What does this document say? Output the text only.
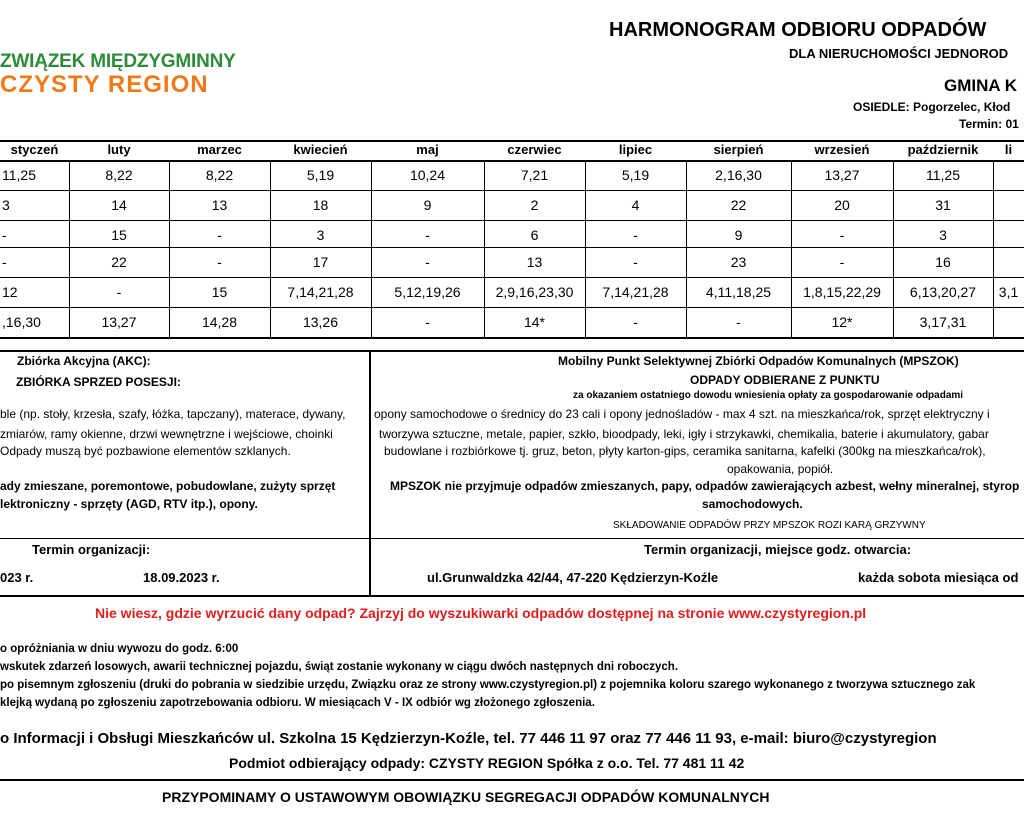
ZWIĄZEK MIĘDZYGMINNY
CZYSTY REGION
HARMONOGRAM ODBIORU ODPADÓW
DLA NIERUCHOMOŚCI JEDNOROD
GMINA K
OSIEDLE: Pogorzelec, Kłod
Termin: 01
styczeń	luty	marzec	kwiecień	maj	czerwiec	lipiec	sierpień	wrzesień	październik	li
11,25	8,22	8,22	5,19	10,24	7,21	5,19	2,16,30	13,27	11,25
3	14	13	18	9	2	4	22	20	31
-	15	-	3	-	6	-	9	-	3
-	22	-	17	-	13	-	23	-	16
12	-	15	7,14,21,28	5,12,19,26	2,9,16,23,30	7,14,21,28	4,11,18,25	1,8,15,22,29	6,13,20,27	3,1
,16,30	13,27	14,28	13,26	-	14*	-	-	12*	3,17,31
Zbiórka Akcyjna (AKC):
ZBIÓRKA SPRZED POSESJI:
ble (np. stoły, krzesła, szafy, łóżka, tapczany), materace, dywany,
zmiarów, ramy okienne, drzwi wewnętrzne i wejściowe, choinki
Odpady muszą być pozbawione elementów szklanych.
ady zmieszane, poremontowe, pobudowlane, zużyty sprzęt
lektroniczny - sprzęty (AGD, RTV itp.), opony.
Termin organizacji:
023 r.	18.09.2023 r.
Mobilny Punkt Selektywnej Zbiórki Odpadów Komunalnych (MPSZOK)
ODPADY ODBIERANE Z PUNKTU
za okazaniem ostatniego dowodu wniesienia opłaty za gospodarowanie odpadami
opony samochodowe o średnicy do 23 cali i opony jednośladów - max 4 szt. na mieszkańca/rok, sprzęt elektryczny i
tworzywa sztuczne, metale, papier, szkło, bioodpady, leki, igły i strzykawki, chemikalia, baterie i akumulatory, gabar
budowlane i rozbiórkowe tj. gruz, beton, płyty karton-gips, ceramika sanitarna, kafelki (300kg na mieszkańca/rok),
opakowania, popiół.
MPSZOK nie przyjmuje odpadów zmieszanych, papy, odpadów zawierających azbest, wełny mineralnej, styrop
samochodowych.
SKŁADOWANIE ODPADÓW PRZY MPSZOK ROZI KARĄ GRZYWNY
Termin organizacji, miejsce godz. otwarcia:
ul.Grunwaldzka 42/44, 47-220 Kędzierzyn-Koźle	każda sobota miesiąca od
Nie wiesz, gdzie wyrzucić dany odpad? Zajrzyj do wyszukiwarki odpadów dostępnej na stronie www.czystyregion.pl
o opróżniania w dniu wywozu do godz. 6:00
wskutek zdarzeń losowych, awarii technicznej pojazdu, świąt zostanie wykonany w ciągu dwóch następnych dni roboczych.
po pisemnym zgłoszeniu (druki do pobrania w siedzibie urzędu, Związku oraz ze strony www.czystyregion.pl) z pojemnika koloru szarego wykonanego z tworzywa sztucznego zak
klejką wydaną po zgłoszeniu zapotrzebowania odbioru. W miesiącach V - IX odbiór wg złożonego zgłoszenia.
o Informacji i Obsługi Mieszkańców ul. Szkolna 15 Kędzierzyn-Koźle, tel. 77 446 11 97 oraz 77 446 11 93, e-mail: biuro@czystyregion
Podmiot odbierający odpady: CZYSTY REGION Spółka z o.o. Tel. 77 481 11 42
PRZYPOMINAMY O USTAWOWYM OBOWIĄZKU SEGREGACJI ODPADÓW KOMUNALNYCH
